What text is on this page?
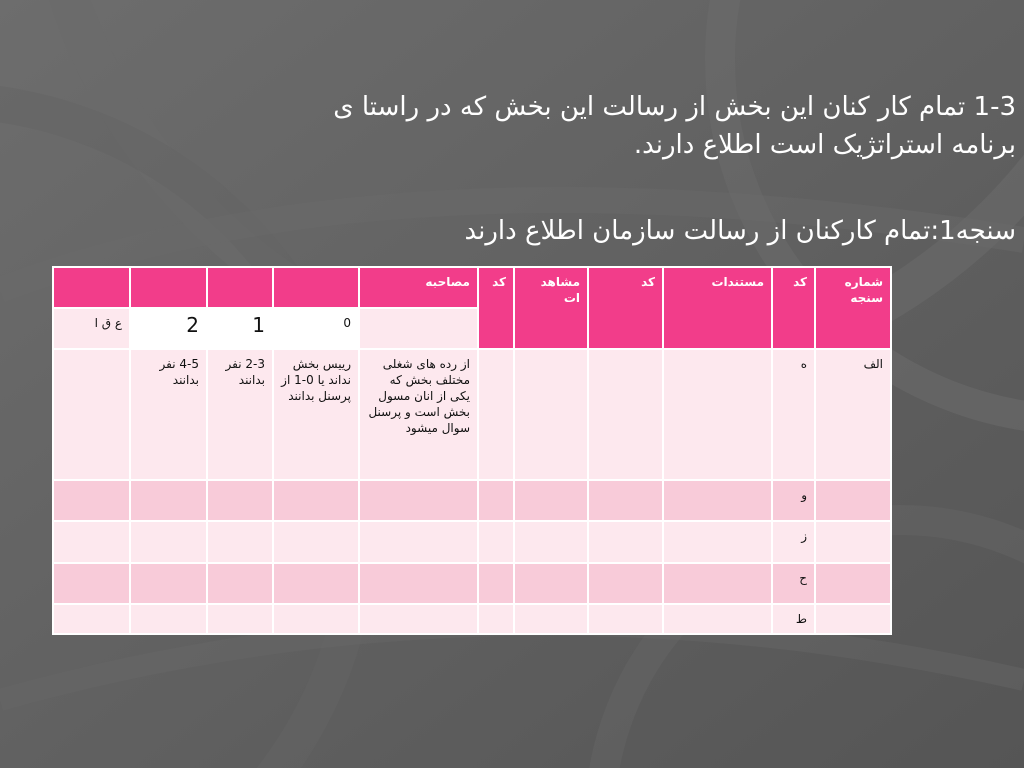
1-3 تمام کار کنان این بخش از رسالت این بخش که در راستا ی
برنامه استراتژیک است اطلاع دارند.
سنجه1:تمام کارکنان از رسالت سازمان اطلاع دارند
شماره سنجه	کد	مستندات	کد	مشاهد ات	کد	مصاحبه				
							0	1	2	ع ق ا
الف	ه					از رده های شغلی مختلف بخش که یکی از انان مسول بخش است و پرسنل سوال میشود	رییس بخش نداند یا 0-1 از پرسنل بدانند	2-3 نفر بدانند	4-5 نفر بدانند	
	و									
	ز									
	ح									
	ط									
